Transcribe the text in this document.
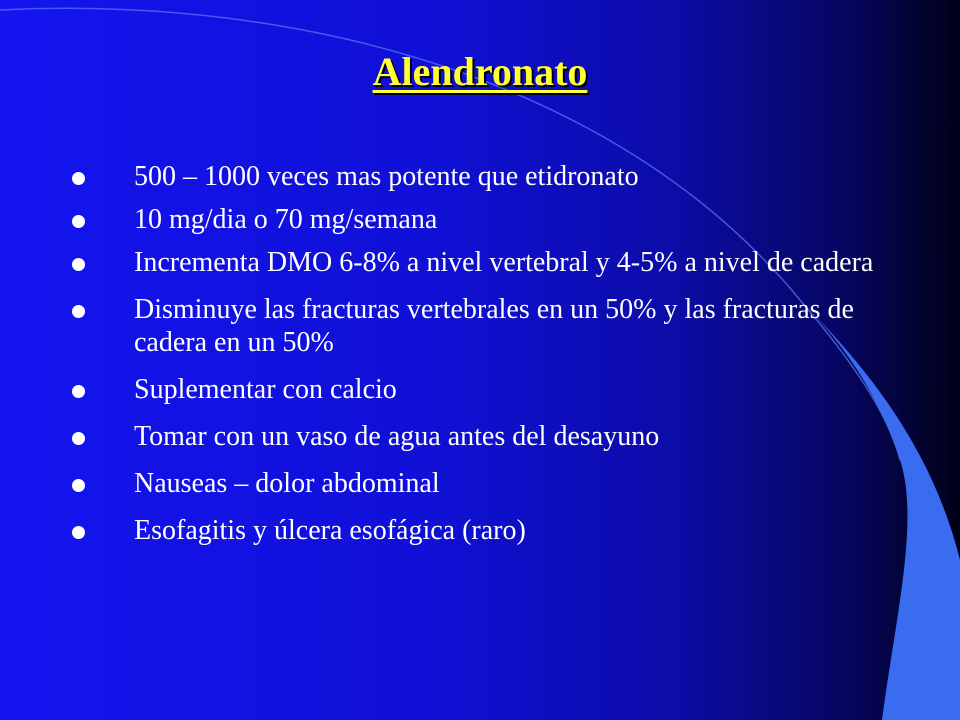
Alendronato
500 – 1000 veces mas potente que etidronato
10 mg/dia o 70 mg/semana
Incrementa DMO 6-8% a nivel vertebral y 4-5% a nivel de cadera
Disminuye las fracturas vertebrales en un 50% y las fracturas de cadera en un 50%
Suplementar con calcio
Tomar con un vaso de agua antes del desayuno
Nauseas – dolor abdominal
Esofagitis y úlcera esofágica (raro)
